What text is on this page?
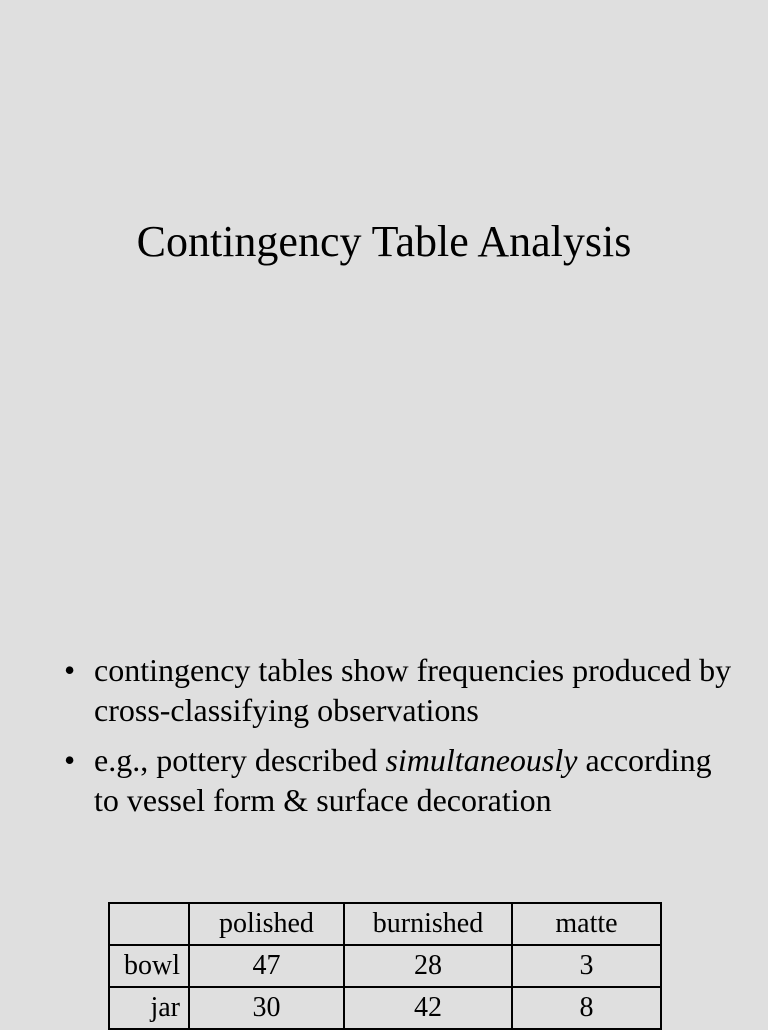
Contingency Table Analysis
• contingency tables show frequencies produced by cross-classifying observations
• e.g., pottery described simultaneously according to vessel form & surface decoration
	polished	burnished	matte
bowl	47	28	3
jar	30	42	8
